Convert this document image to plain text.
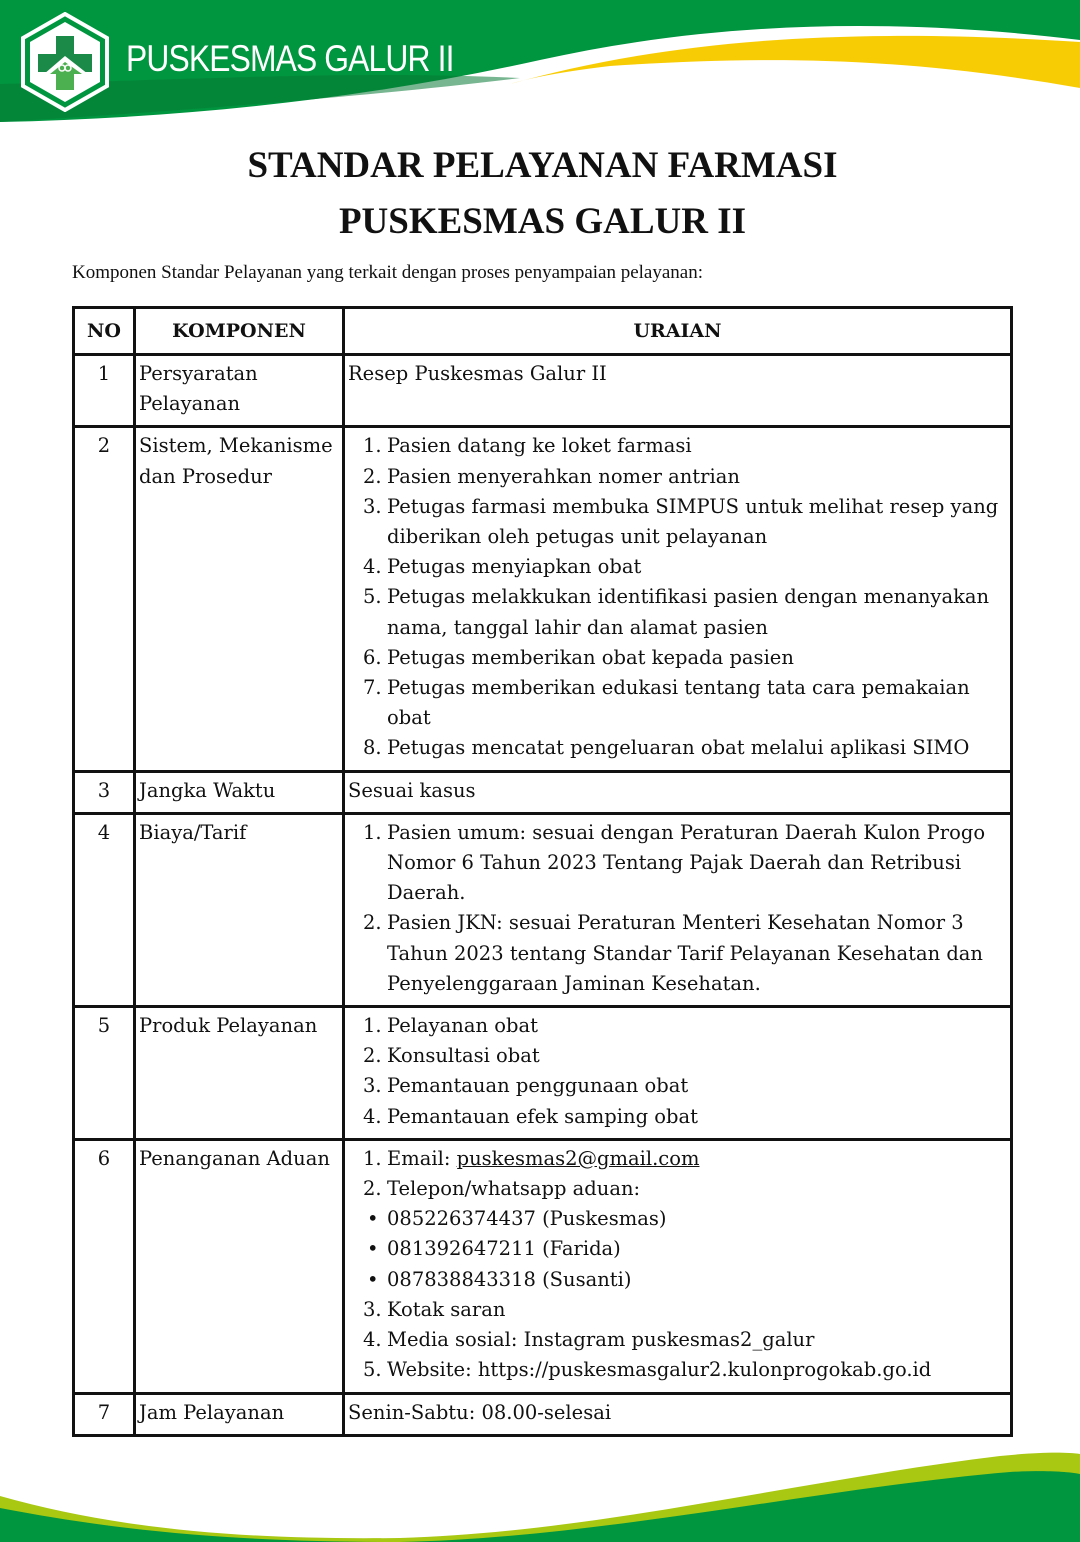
PUSKESMAS GALUR II
STANDAR PELAYANAN FARMASI
PUSKESMAS GALUR II
Komponen Standar Pelayanan yang terkait dengan proses penyampaian pelayanan:
NO	KOMPONEN	URAIAN
1	Persyaratan Pelayanan	Resep Puskesmas Galur II
2	Sistem, Mekanisme dan Prosedur	
1. Pasien datang ke loket farmasi
2. Pasien menyerahkan nomer antrian
3. Petugas farmasi membuka SIMPUS untuk melihat resep yang diberikan oleh petugas unit pelayanan
4. Petugas menyiapkan obat
5. Petugas melakkukan identifikasi pasien dengan menanyakan nama, tanggal lahir dan alamat pasien
6. Petugas memberikan obat kepada pasien
7. Petugas memberikan edukasi tentang tata cara pemakaian obat
8. Petugas mencatat pengeluaran obat melalui aplikasi SIMO

3	Jangka Waktu	Sesuai kasus
4	Biaya/Tarif	1. Pasien umum: sesuai dengan Peraturan Daerah Kulon Progo Nomor 6 Tahun 2023 Tentang Pajak Daerah dan Retribusi Daerah.
2. Pasien JKN: sesuai Peraturan Menteri Kesehatan Nomor 3 Tahun 2023 tentang Standar Tarif Pelayanan Kesehatan dan Penyelenggaraan Jaminan Kesehatan.

5	Produk Pelayanan	1. Pelayanan obat
2. Konsultasi obat
3. Pemantauan penggunaan obat
4. Pemantauan efek samping obat

6	Penanganan Aduan	1. Email: puskesmas2@gmail.com
2. Telepon/whatsapp aduan:
• 085226374437 (Puskesmas)
• 081392647211 (Farida)
• 087838843318 (Susanti)
3. Kotak saran
4. Media sosial: Instagram puskesmas2_galur
5. Website: https://puskesmasgalur2.kulonprogokab.go.id

7	Jam Pelayanan	Senin-Sabtu: 08.00-selesai
